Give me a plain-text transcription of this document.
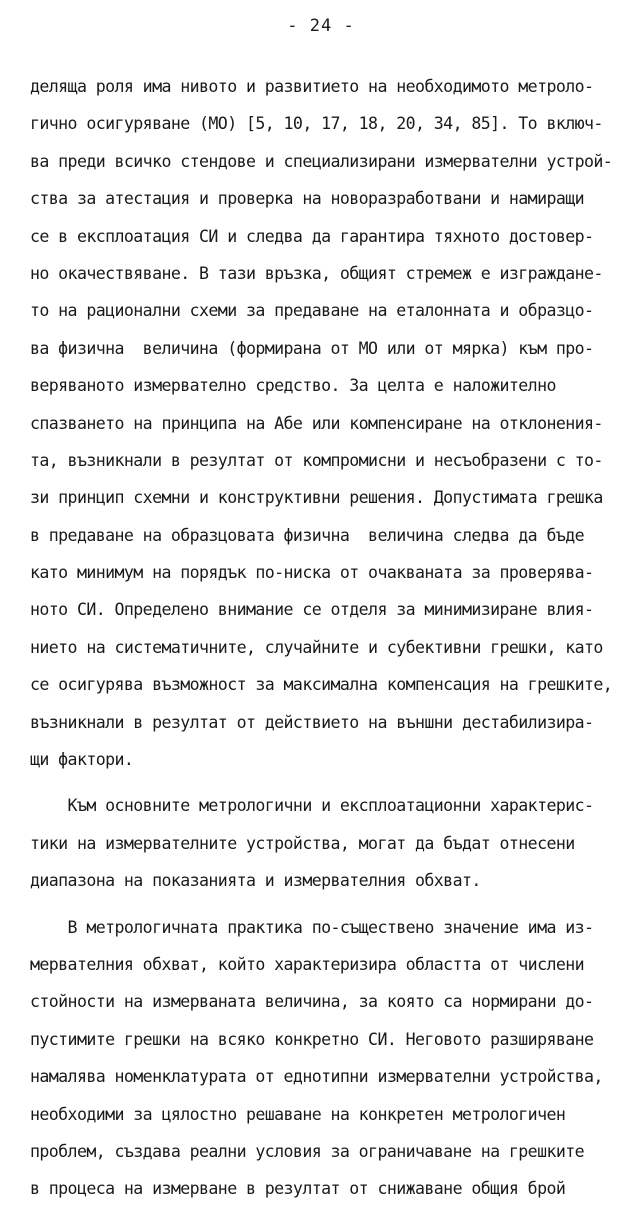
- 24 -
деляща роля има нивото и развитието на необходимото метроло-
гично осигуряване (МО) [5, 10, 17, 18, 20, 34, 85]. То включ-
ва преди всичко стендове и специализирани измервателни устрой-
ства за атестация и проверка на новоразработвани и намиращи
се в експлоатация СИ и следва да гарантира тяхното достовер-
но окачествяване. В тази връзка, общият стремеж е изграждане-
то на рационални схеми за предаване на еталонната и образцо-
ва физична  величина (формирана от МО или от мярка) към про-
веряваното измервателно средство. За целта е наложително
спазването на принципа на Абе или компенсиране на отклонения-
та, възникнали в резултат от компромисни и несъобразени с то-
зи принцип схемни и конструктивни решения. Допустимата грешка
в предаване на образцовата физична  величина следва да бъде
като минимум на порядък по-ниска от очакваната за проверява-
ното СИ. Определено внимание се отделя за минимизиране влия-
нието на систематичните, случайните и субективни грешки, като
се осигурява възможност за максимална компенсация на грешките,
възникнали в резултат от действието на външни дестабилизира-
щи фактори.
Към основните метрологични и експлоатационни характерис-
тики на измервателните устройства, могат да бъдат отнесени
диапазона на показанията и измервателния обхват.
В метрологичната практика по-съществено значение има из-
мервателния обхват, който характеризира областта от числени
стойности на измерваната величина, за която са нормирани до-
пустимите грешки на всяко конкретно СИ. Неговото разширяване
намалява номенклатурата от еднотипни измервателни устройства,
необходими за цялостно решаване на конкретен метрологичен
проблем, създава реални условия за ограничаване на грешките
в процеса на измерване в резултат от снижаване общия брой
